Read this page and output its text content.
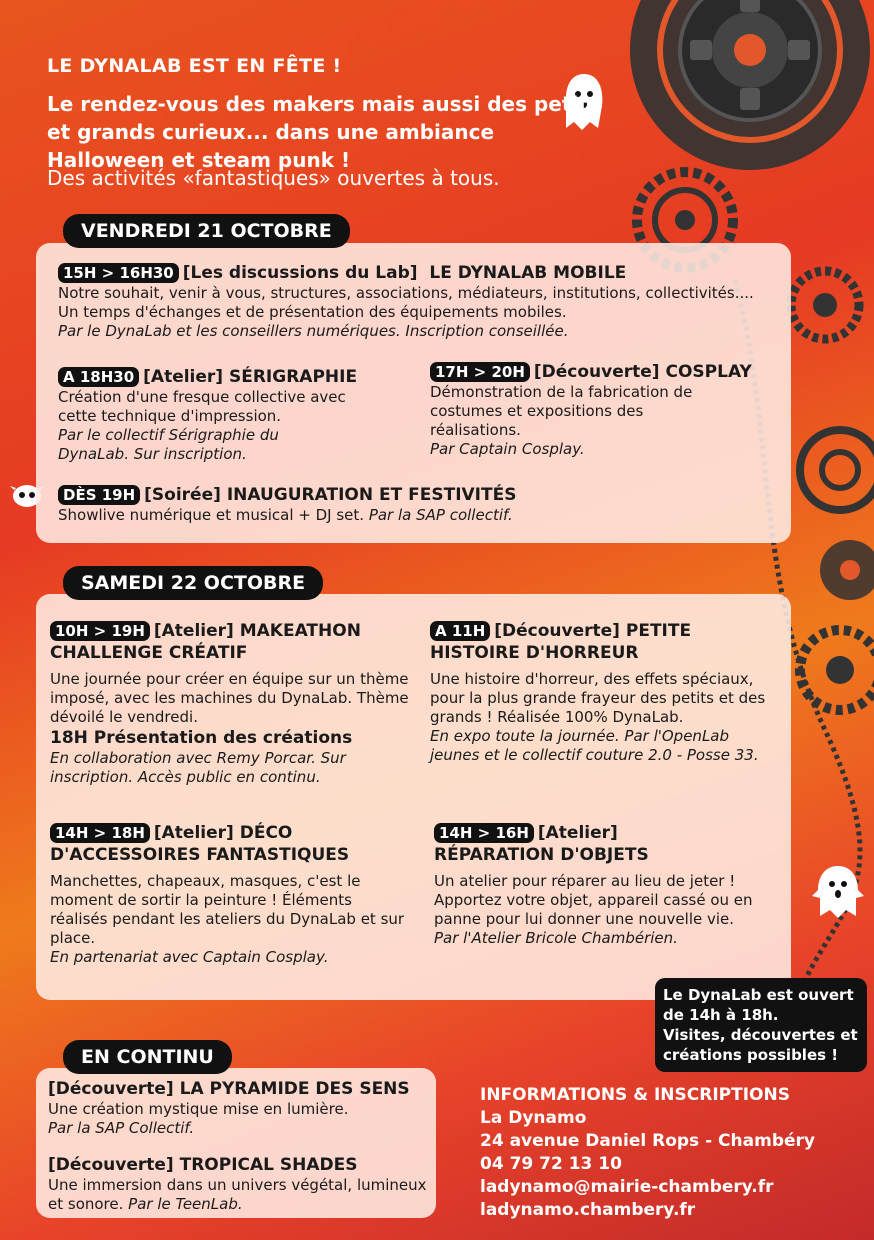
LE DYNALAB EST EN FÊTE !
Le rendez-vous des makers mais aussi des petits et grands curieux... dans une ambiance Halloween et steam punk !
Des activités «fantastiques» ouvertes à tous.
VENDREDI 21 OCTOBRE
15H > 16H30 [Les discussions du Lab] LE DYNALAB MOBILE
Notre souhait, venir à vous, structures, associations, médiateurs, institutions, collectivités.... Un temps d'échanges et de présentation des équipements mobiles.
Par le DynaLab et les conseillers numériques. Inscription conseillée.
A 18H30 [Atelier] SÉRIGRAPHIE
Création d'une fresque collective avec cette technique d'impression.
Par le collectif Sérigraphie du DynaLab. Sur inscription.
17H > 20H [Découverte] COSPLAY
Démonstration de la fabrication de costumes et expositions des réalisations.
Par Captain Cosplay.
DÈS 19H [Soirée] INAUGURATION ET FESTIVITÉS
Showlive numérique et musical + DJ set. Par la SAP collectif.
SAMEDI 22 OCTOBRE
10H > 19H [Atelier] MAKEATHON CHALLENGE CRÉATIF
Une journée pour créer en équipe sur un thème imposé, avec les machines du DynaLab. Thème dévoilé le vendredi.
18H Présentation des créations
En collaboration avec Remy Porcar. Sur inscription. Accès public en continu.
A 11H [Découverte] PETITE HISTOIRE D'HORREUR
Une histoire d'horreur, des effets spéciaux, pour la plus grande frayeur des petits et des grands ! Réalisée 100% DynaLab.
En expo toute la journée. Par l'OpenLab jeunes et le collectif couture 2.0 - Posse 33.
14H > 18H [Atelier] DÉCO D'ACCESSOIRES FANTASTIQUES
Manchettes, chapeaux, masques, c'est le moment de sortir la peinture ! Éléments réalisés pendant les ateliers du DynaLab et sur place.
En partenariat avec Captain Cosplay.
14H > 16H [Atelier]
RÉPARATION D'OBJETS
Un atelier pour réparer au lieu de jeter ! Apportez votre objet, appareil cassé ou en panne pour lui donner une nouvelle vie.
Par l'Atelier Bricole Chambérien.
Le DynaLab est ouvert
de 14h à 18h.
Visites, découvertes et créations possibles !
EN CONTINU
[Découverte] LA PYRAMIDE DES SENS
Une création mystique mise en lumière.
Par la SAP Collectif.
[Découverte] TROPICAL SHADES
Une immersion dans un univers végétal, lumineux et sonore. Par le TeenLab.
INFORMATIONS & INSCRIPTIONS
La Dynamo
24 avenue Daniel Rops - Chambéry
04 79 72 13 10
ladynamo@mairie-chambery.fr
ladynamo.chambery.fr
